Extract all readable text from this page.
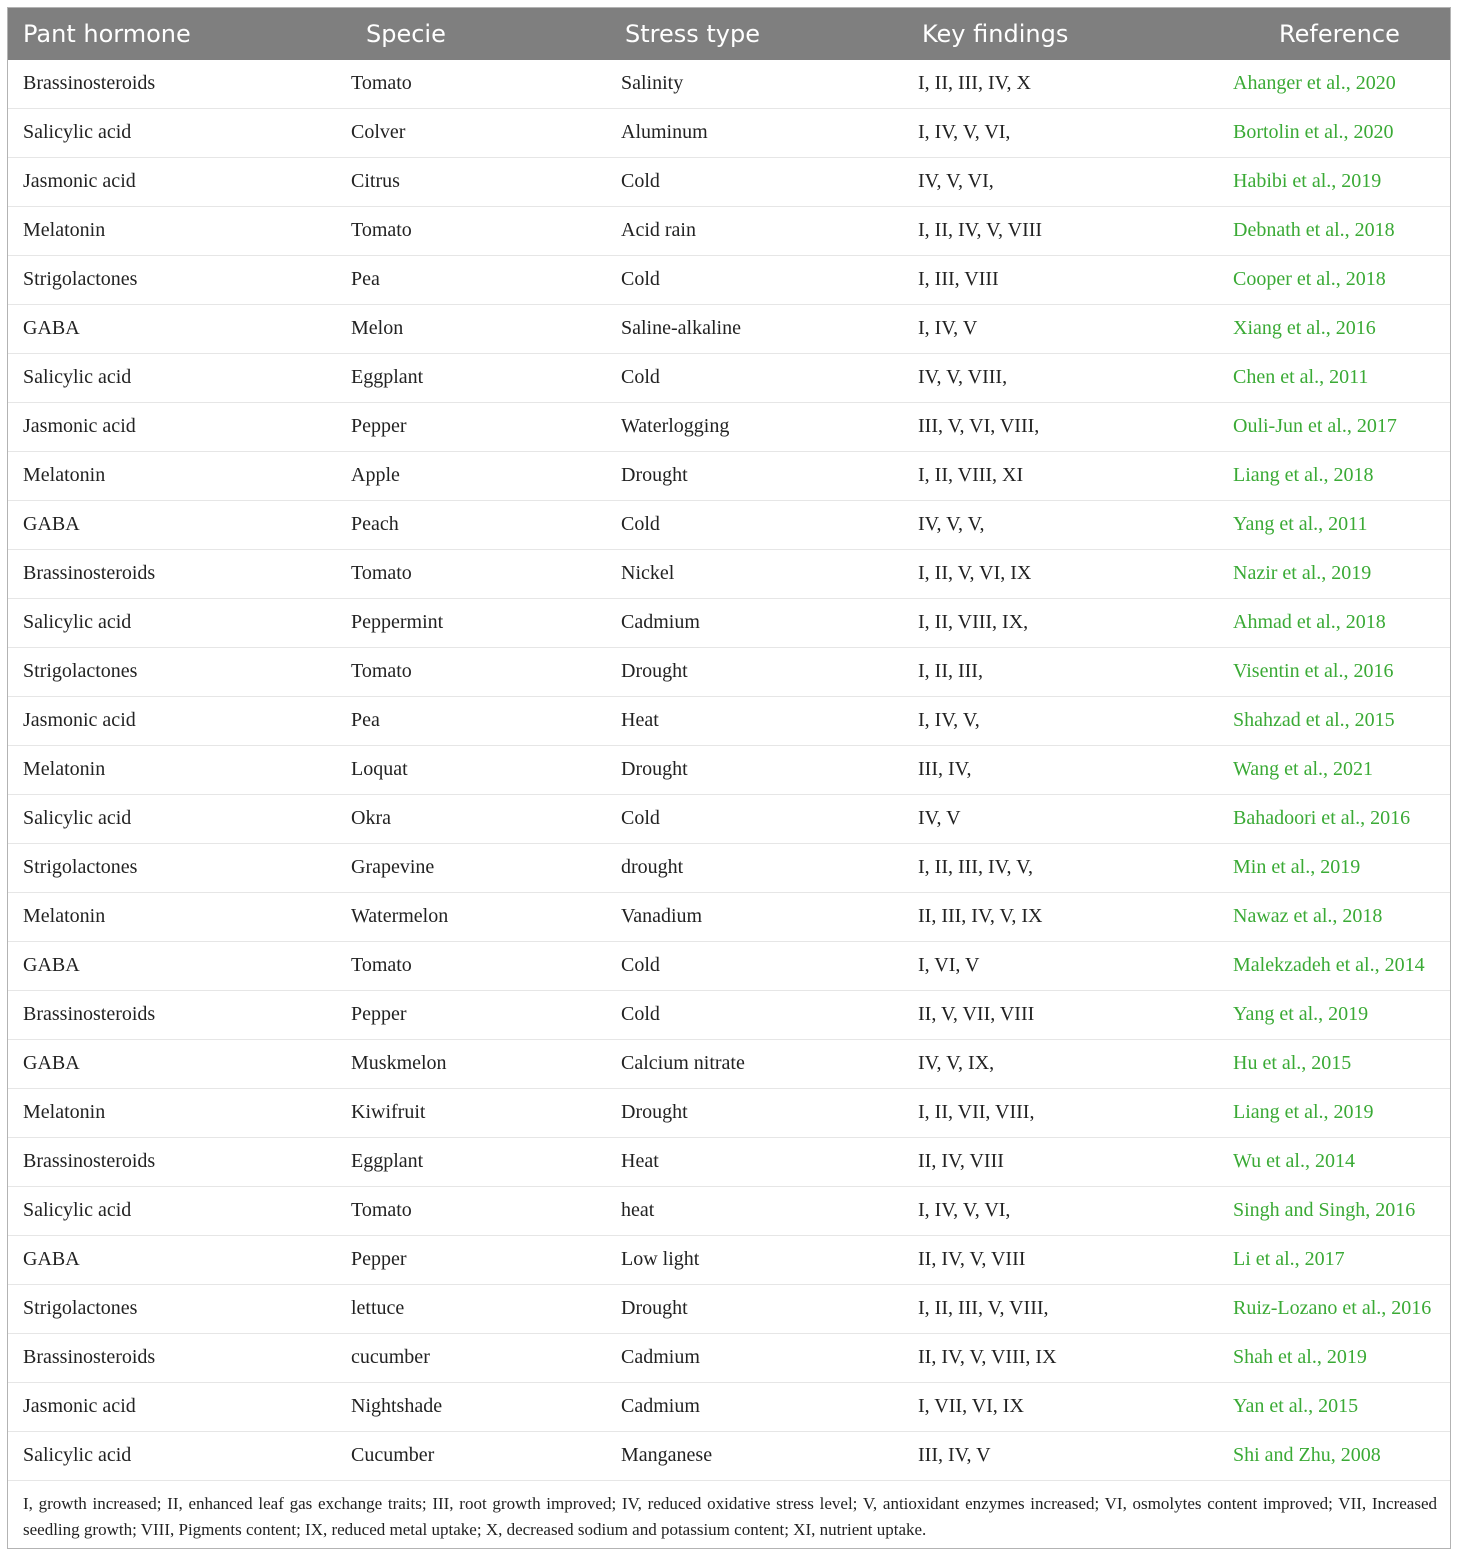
Pant hormone	Specie	Stress type	Key findings	Reference
Brassinosteroids	Tomato	Salinity	I, II, III, IV, X	Ahanger et al., 2020
Salicylic acid	Colver	Aluminum	I, IV, V, VI,	Bortolin et al., 2020
Jasmonic acid	Citrus	Cold	IV, V, VI,	Habibi et al., 2019
Melatonin	Tomato	Acid rain	I, II, IV, V, VIII	Debnath et al., 2018
Strigolactones	Pea	Cold	I, III, VIII	Cooper et al., 2018
GABA	Melon	Saline-alkaline	I, IV, V	Xiang et al., 2016
Salicylic acid	Eggplant	Cold	IV, V, VIII,	Chen et al., 2011
Jasmonic acid	Pepper	Waterlogging	III, V, VI, VIII,	Ouli-Jun et al., 2017
Melatonin	Apple	Drought	I, II, VIII, XI	Liang et al., 2018
GABA	Peach	Cold	IV, V, V,	Yang et al., 2011
Brassinosteroids	Tomato	Nickel	I, II, V, VI, IX	Nazir et al., 2019
Salicylic acid	Peppermint	Cadmium	I, II, VIII, IX,	Ahmad et al., 2018
Strigolactones	Tomato	Drought	I, II, III,	Visentin et al., 2016
Jasmonic acid	Pea	Heat	I, IV, V,	Shahzad et al., 2015
Melatonin	Loquat	Drought	III, IV,	Wang et al., 2021
Salicylic acid	Okra	Cold	IV, V	Bahadoori et al., 2016
Strigolactones	Grapevine	drought	I, II, III, IV, V,	Min et al., 2019
Melatonin	Watermelon	Vanadium	II, III, IV, V, IX	Nawaz et al., 2018
GABA	Tomato	Cold	I, VI, V	Malekzadeh et al., 2014
Brassinosteroids	Pepper	Cold	II, V, VII, VIII	Yang et al., 2019
GABA	Muskmelon	Calcium nitrate	IV, V, IX,	Hu et al., 2015
Melatonin	Kiwifruit	Drought	I, II, VII, VIII,	Liang et al., 2019
Brassinosteroids	Eggplant	Heat	II, IV, VIII	Wu et al., 2014
Salicylic acid	Tomato	heat	I, IV, V, VI,	Singh and Singh, 2016
GABA	Pepper	Low light	II, IV, V, VIII	Li et al., 2017
Strigolactones	lettuce	Drought	I, II, III, V, VIII,	Ruiz-Lozano et al., 2016
Brassinosteroids	cucumber	Cadmium	II, IV, V, VIII, IX	Shah et al., 2019
Jasmonic acid	Nightshade	Cadmium	I, VII, VI, IX	Yan et al., 2015
Salicylic acid	Cucumber	Manganese	III, IV, V	Shi and Zhu, 2008
I, growth increased; II, enhanced leaf gas exchange traits; III, root growth improved; IV, reduced oxidative stress level; V, antioxidant enzymes increased; VI, osmolytes content improved; VII, Increased seedling growth; VIII, Pigments content; IX, reduced metal uptake; X, decreased sodium and potassium content; XI, nutrient uptake.
